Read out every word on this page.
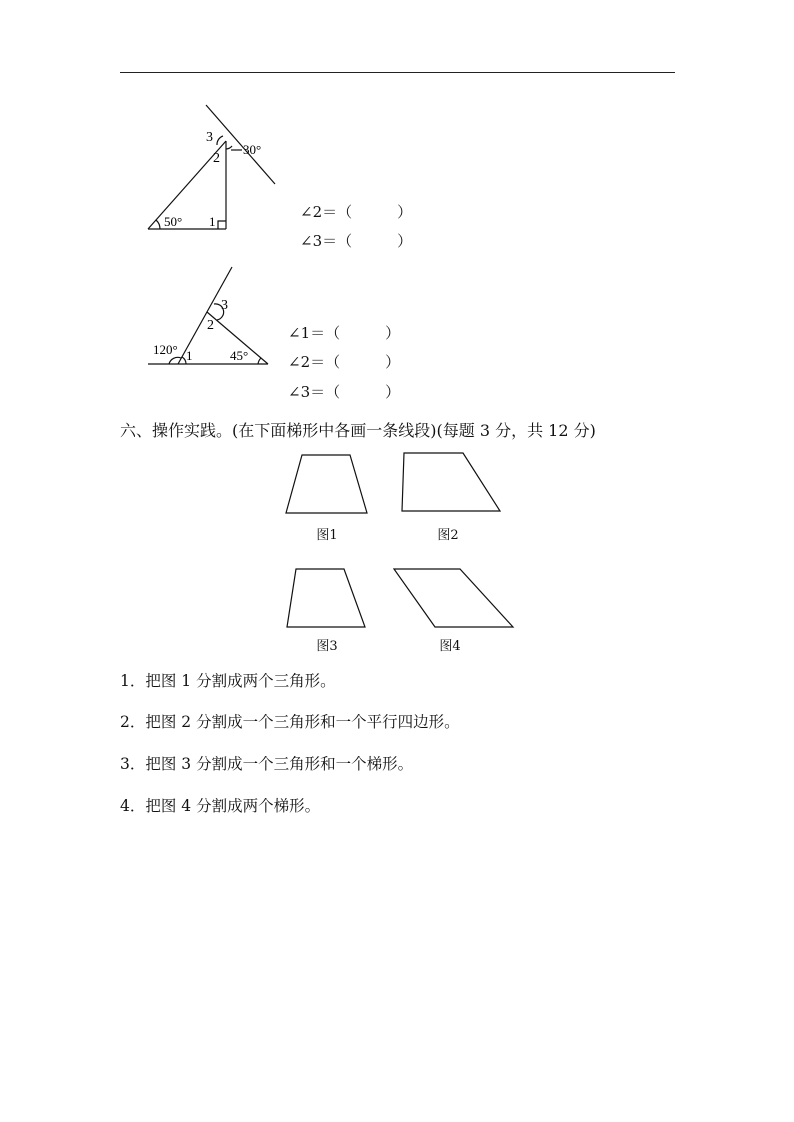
3
2
30°
50° 1
∠2＝（　　　）
∠3＝（　　　）
3
2
120° 1	45°
∠1＝（　　　）
∠2＝（　　　）
∠3＝（　　　）
六、操作实践。(在下面梯形中各画一条线段)(每题 3 分，共 12 分)
图1	图2
图3	图4
1．把图 1 分割成两个三角形。
2．把图 2 分割成一个三角形和一个平行四边形。
3．把图 3 分割成一个三角形和一个梯形。
4．把图 4 分割成两个梯形。
